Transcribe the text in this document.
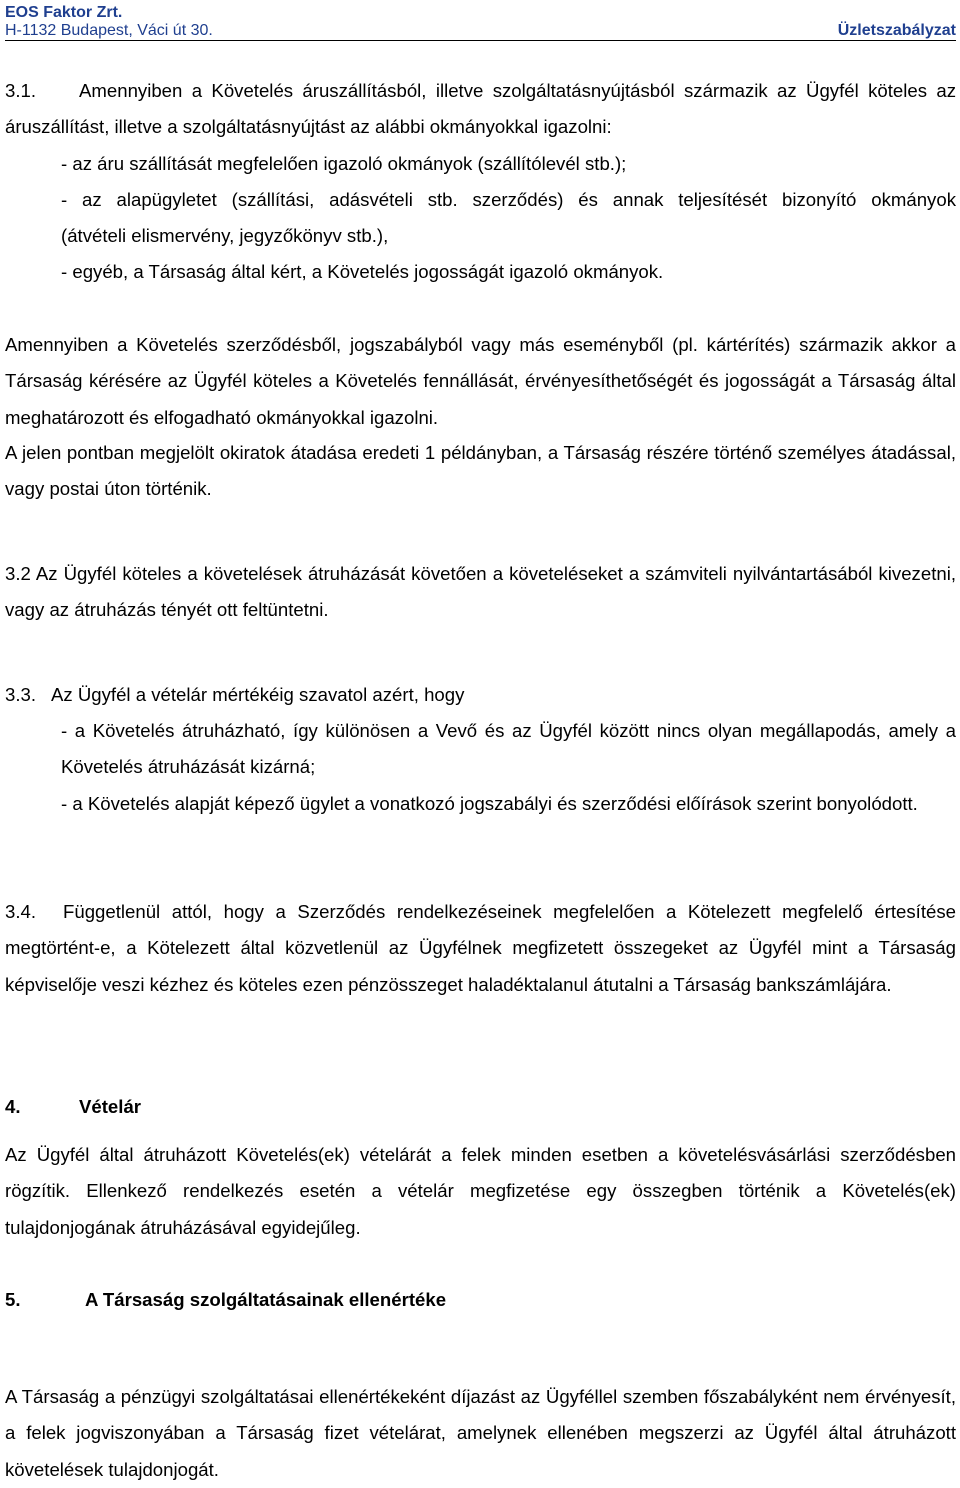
EOS Faktor Zrt.
H-1132 Budapest, Váci út 30.	Üzletszabályzat

3.1. Amennyiben a Követelés áruszállításból, illetve szolgáltatásnyújtásból származik az Ügyfél köteles az áruszállítást, illetve a szolgáltatásnyújtást az alábbi okmányokkal igazolni:

- az áru szállítását megfelelően igazoló okmányok (szállítólevél stb.);

- az alapügyletet (szállítási, adásvételi stb. szerződés) és annak teljesítését bizonyító okmányok

(átvételi elismervény, jegyzőkönyv stb.),

- egyéb, a Társaság által kért, a Követelés jogosságát igazoló okmányok.

Amennyiben a Követelés szerződésből, jogszabályból vagy más eseményből (pl. kártérítés) származik akkor a Társaság kérésére az Ügyfél köteles a Követelés fennállását, érvényesíthetőségét és jogosságát a Társaság által meghatározott és elfogadható okmányokkal igazolni.

A jelen pontban megjelölt okiratok átadása eredeti 1 példányban, a Társaság részére történő személyes átadással, vagy postai úton történik.

3.2 Az Ügyfél köteles a követelések átruházását követően a követeléseket a számviteli nyilvántartásából kivezetni, vagy az átruházás tényét ott feltüntetni.

3.3. Az Ügyfél a vételár mértékéig szavatol azért, hogy

- a Követelés átruházható, így különösen a Vevő és az Ügyfél között nincs olyan megállapodás, amely a Követelés átruházását kizárná;

- a Követelés alapját képező ügylet a vonatkozó jogszabályi és szerződési előírások szerint bonyolódott.

3.4. Függetlenül attól, hogy a Szerződés rendelkezéseinek megfelelően a Kötelezett megfelelő értesítése megtörtént-e, a Kötelezett által közvetlenül az Ügyfélnek megfizetett összegeket az Ügyfél mint a Társaság képviselője veszi kézhez és köteles ezen pénzösszeget haladéktalanul átutalni a Társaság bankszámlájára.

4.	Vételár

Az Ügyfél által átruházott Követelés(ek) vételárát a felek minden esetben a követelésvásárlási szerződésben rögzítik. Ellenkező rendelkezés esetén a vételár megfizetése egy összegben történik a Követelés(ek) tulajdonjogának átruházásával egyidejűleg.

5.	A Társaság szolgáltatásainak ellenértéke

A Társaság a pénzügyi szolgáltatásai ellenértékeként díjazást az Ügyféllel szemben főszabályként nem érvényesít, a felek jogviszonyában a Társaság fizet vételárat, amelynek ellenében megszerzi az Ügyfél által átruházott követelések tulajdonjogát.
